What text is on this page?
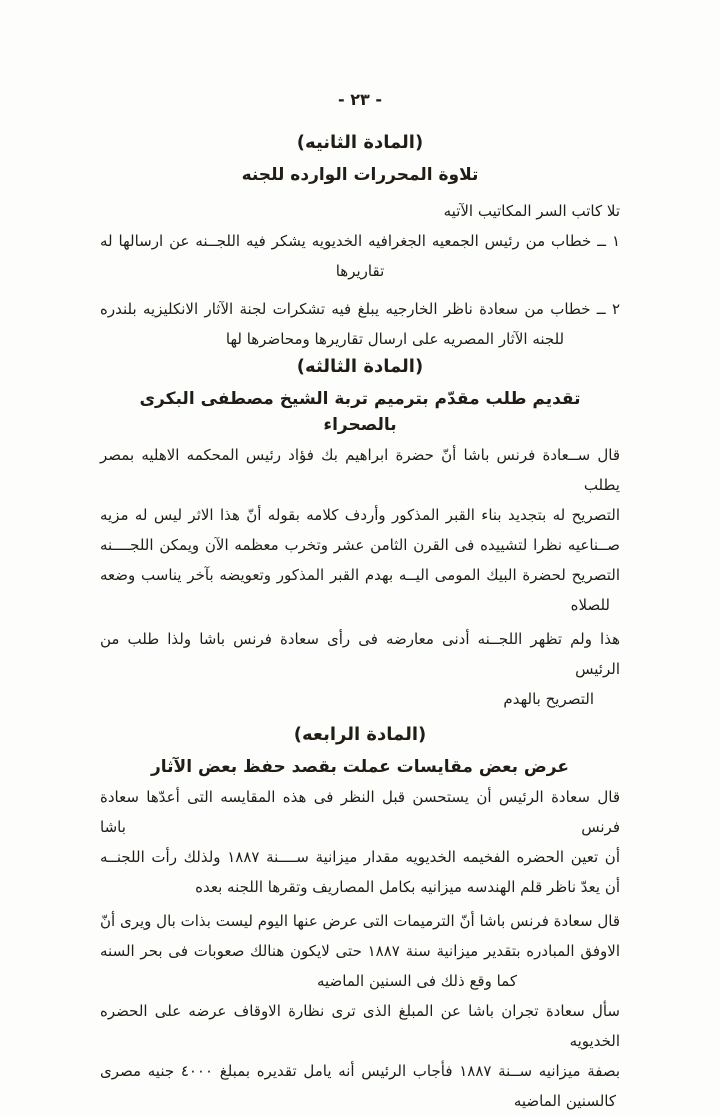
- ٢٣ -
(المادة الثانيه)
تلاوة المحررات الوارده للجنه
تلا كاتب السر المكاتيب الآتيه
١ ــ خطاب من رئيس الجمعيه الجغرافيه الخديويه يشكر فيه اللجــنه عن ارسالها له
تقاريرها
٢ ــ خطاب من سعادة ناظر الخارجيه يبلغ فيه تشكرات لجنة الآثار الانكليزيه بلندره
للجنه الآثار المصريه على ارسال تقاريرها ومحاضرها لها
(المادة الثالثه)
تقديم طلب مقدّم بترميم تربة الشيخ مصطفى البكرى بالصحراء
قال ســعادة فرنس باشا أنّ حضرة ابراهيم بك فؤاد رئيس المحكمه الاهليه بمصر يطلب
التصريح له بتجديد بناء القبر المذكور وأردف كلامه بقوله أنّ هذا الاثر ليس له مزيه
صــناعيه نظرا لتشييده فى القرن الثامن عشر وتخرب معظمه الآن ويمكن اللجــــنه
التصريح لحضرة البيك المومى اليــه بهدم القبر المذكور وتعويضه بآخر يناسب وضعه
للصلاه
هذا ولم تظهر اللجــنه أدنى معارضه فى رأى سعادة فرنس باشا ولذا طلب من الرئيس
التصريح بالهدم
(المادة الرابعه)
عرض بعض مقايسات عملت بقصد حفظ بعض الآثار
قال سعادة الرئيس أن يستحسن قبل النظر فى هذه المقايسه التى أعدّها سعادة فرنس باشا
أن تعين الحضره الفخيمه الخديويه مقدار ميزانية ســــنة ١٨٨٧ ولذلك رأت اللجنــه
أن يعدّ ناظر قلم الهندسه ميزانيه بكامل المصاريف وتقرها اللجنه بعده
قال سعادة فرنس باشا أنّ الترميمات التى عرض عنها اليوم ليست بذات بال ويرى أنّ
الاوفق المبادره بتقدير ميزانية سنة ١٨٨٧ حتى لايكون هنالك صعوبات فى بحر السنه
كما وقع ذلك فى السنين الماضيه
سأل سعادة تجران باشا عن المبلغ الذى ترى نظارة الاوقاف عرضه على الحضره الخديويه
بصفة ميزانيه ســنة ١٨٨٧ فأجاب الرئيس أنه يامل تقديره بمبلغ ٤٠٠٠ جنيه مصرى
كالسنين الماضيه
